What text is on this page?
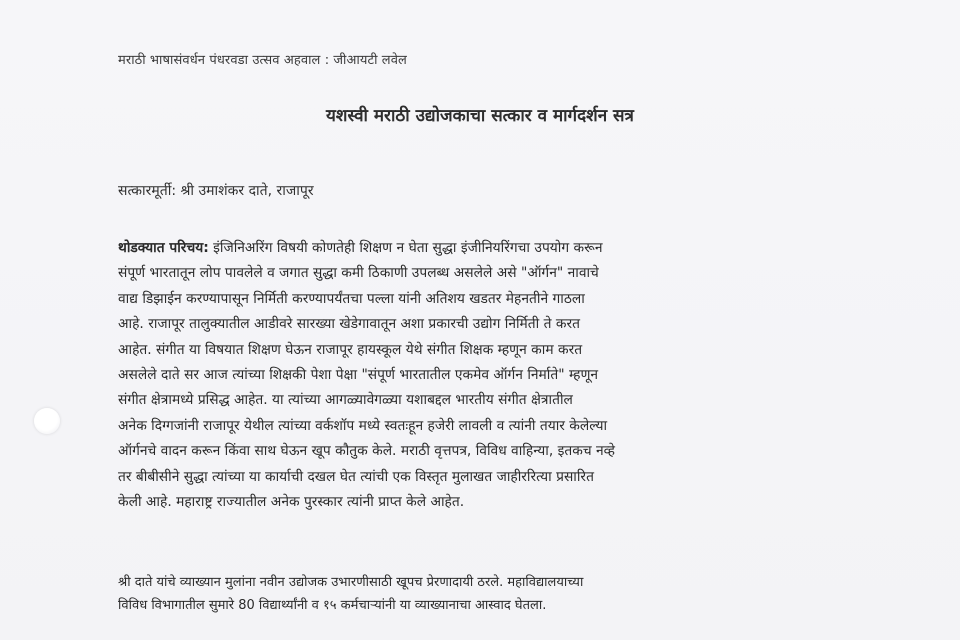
मराठी भाषासंवर्धन पंधरवडा उत्सव अहवाल : जीआयटी लवेल
यशस्वी मराठी उद्योजकाचा सत्कार व मार्गदर्शन सत्र
सत्कारमूर्ती: श्री उमाशंकर दाते, राजापूर
थोडक्यात परिचय: इंजिनिअरिंग विषयी कोणतेही शिक्षण न घेता सुद्धा इंजीनियरिंगचा उपयोग करून
संपूर्ण भारतातून लोप पावलेले व जगात सुद्धा कमी ठिकाणी उपलब्ध असलेले असे "ऑर्गन" नावाचे
वाद्य डिझाईन करण्यापासून निर्मिती करण्यापर्यंतचा पल्ला यांनी अतिशय खडतर मेहनतीने गाठला
आहे. राजापूर तालुक्यातील आडीवरे सारख्या खेडेगावातून अशा प्रकारची उद्योग निर्मिती ते करत
आहेत. संगीत या विषयात शिक्षण घेऊन राजापूर हायस्कूल येथे संगीत शिक्षक म्हणून काम करत
असलेले दाते सर आज त्यांच्या शिक्षकी पेशा पेक्षा "संपूर्ण भारतातील एकमेव ऑर्गन निर्माते" म्हणून
संगीत क्षेत्रामध्ये प्रसिद्ध आहेत. या त्यांच्या आगळ्यावेगळ्या यशाबद्दल भारतीय संगीत क्षेत्रातील
अनेक दिग्गजांनी राजापूर येथील त्यांच्या वर्कशॉप मध्ये स्वतःहून हजेरी लावली व त्यांनी तयार केलेल्या
ऑर्गनचे वादन करून किंवा साथ घेऊन खूप कौतुक केले. मराठी वृत्तपत्र, विविध वाहिन्या, इतकच नव्हे
तर बीबीसीने सुद्धा त्यांच्या या कार्याची दखल घेत त्यांची एक विस्तृत मुलाखत जाहीररित्या प्रसारित
केली आहे. महाराष्ट्र राज्यातील अनेक पुरस्कार त्यांनी प्राप्त केले आहेत.
श्री दाते यांचे व्याख्यान मुलांना नवीन उद्योजक उभारणीसाठी खूपच प्रेरणादायी ठरले. महाविद्यालयाच्या
विविध विभागातील सुमारे 80 विद्यार्थ्यांनी व १५ कर्मचाऱ्यांनी या व्याख्यानाचा आस्वाद घेतला.
